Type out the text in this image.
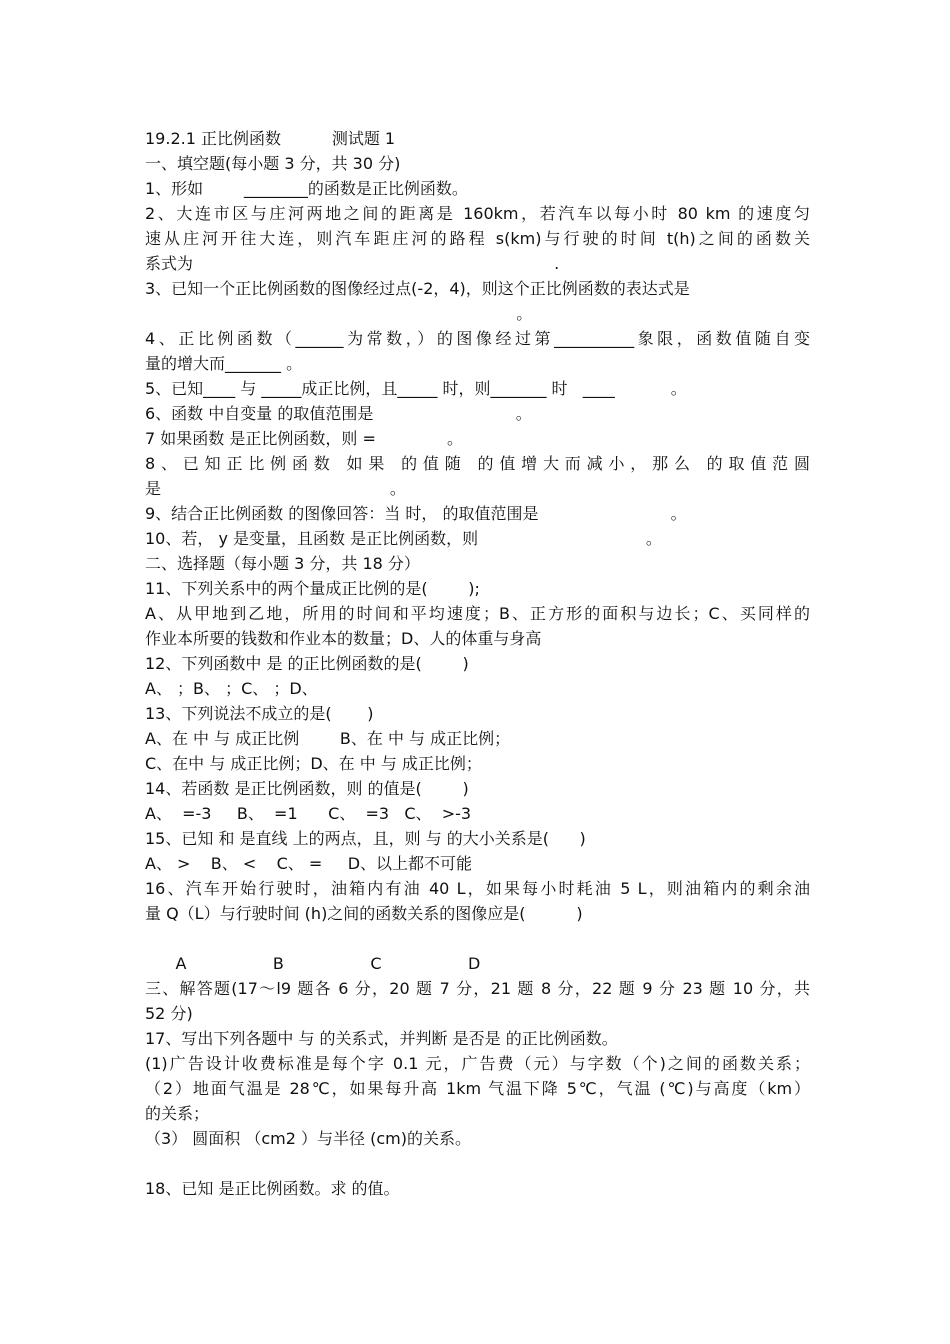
19.2.1 正比例函数          测试题 1
一、填空题(每小题 3 分，共 30 分)
1、形如        ________的函数是正比例函数。
2、大连市区与庄河两地之间的距离是 160km，若汽车以每小时 80 km 的速度匀
速从庄河开往大连，则汽车距庄河的路程 s(km)与行驶的时间 t(h)之间的函数关
系式为                                                                       .
3、已知一个正比例函数的图像经过点(-2，4)，则这个正比例函数的表达式是
。
4、正比例函数（______为常数，）的图像经过第__________象限，函数值随自变
量的增大而_______ 。
5、已知____ 与 _____成正比例，且_____ 时，则_______ 时   ____           。
6、函数 中自变量 的取值范围是                            。
7 如果函数 是正比例函数，则 =              。
8、已知正比例函数 如果 的值随 的值增大而减小，那么 的取值范圆
是                                             。
9、结合正比例函数 的图像回答：当 时， 的取值范围是                          。
10、若， y 是变量，且函数 是正比例函数，则                                 。
二、选择题（每小题 3 分，共 18 分）
11、下列关系中的两个量成正比例的是(        );
A、从甲地到乙地，所用的时间和平均速度；B、正方形的面积与边长；C、买同样的
作业本所要的钱数和作业本的数量；D、人的体重与身高
12、下列函数中 是 的正比例函数的是(        )
A、 ；B、 ；C、 ；D、
13、下列说法不成立的是(       )
A、在 中 与 成正比例        B、在 中 与 成正比例；
C、在中 与 成正比例；D、在 中 与 成正比例；
14、若函数 是正比例函数，则 的值是(        )
A、  =-3     B、  =1      C、  =3   C、  >-3
15、已知 和 是直线 上的两点，且，则 与 的大小关系是(      )
A、 >    B、 <    C、 =     D、以上都不可能
16、汽车开始行驶时，油箱内有油 40 L，如果每小时耗油 5 L，则油箱内的剩余油
量 Q（L）与行驶时间 (h)之间的函数关系的图像应是(          )
A                 B                 C                 D
三、解答题(17～l9 题各 6 分，20 题 7 分，21 题 8 分，22 题 9 分 23 题 10 分，共
52 分)
17、写出下列各题中 与 的关系式，并判断 是否是 的正比例函数。
(1)广告设计收费标准是每个字 0.1 元，广告费（元）与字数（个)之间的函数关系；
（2）地面气温是 28℃，如果每升高 1km 气温下降 5℃，气温 (℃)与高度（km）
的关系；
（3） 圆面积 （cm2 ）与半径 (cm)的关系。
18、已知 是正比例函数。求 的值。
